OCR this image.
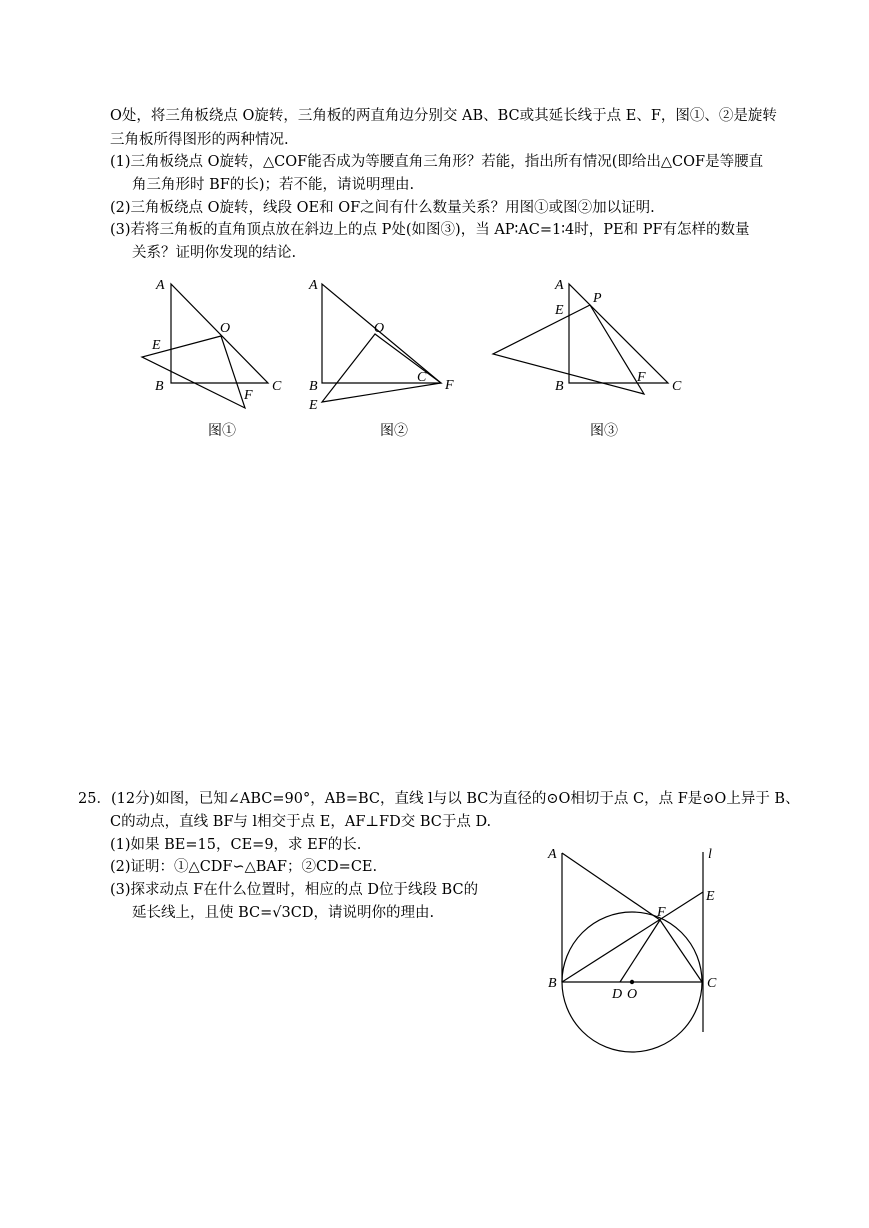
O处，将三角板绕点 O旋转，三角板的两直角边分别交 AB、BC或其延长线于点 E、F，图①、②是旋转
三角板所得图形的两种情况.
(1)三角板绕点 O旋转，△COF能否成为等腰直角三角形？若能，指出所有情况(即给出△COF是等腰直
角三角形时 BF的长)；若不能，请说明理由.
(2)三角板绕点 O旋转，线段 OE和 OF之间有什么数量关系？用图①或图②加以证明.
(3)若将三角板的直角顶点放在斜边上的点 P处(如图③)，当 AP∶AC=1∶4时，PE和 PF有怎样的数量
关系？证明你发现的结论.
A
O
E
B	C
F
A
O
C
B	F
E
A
P
E
B
F
C
图①	图②	图③
25．(12分)如图，已知∠ABC=90°，AB=BC，直线 l与以 BC为直径的⊙O相切于点 C，点 F是⊙O上异于 B、
C的动点，直线 BF与 l相交于点 E，AF⊥FD交 BC于点 D.
(1)如果 BE=15，CE=9，求 EF的长.
(2)证明：①△CDF∽△BAF；②CD=CE.
(3)探求动点 F在什么位置时，相应的点 D位于线段 BC的
延长线上，且使 BC=√3CD，请说明你的理由.
A	l
E
F
B
D O
C
